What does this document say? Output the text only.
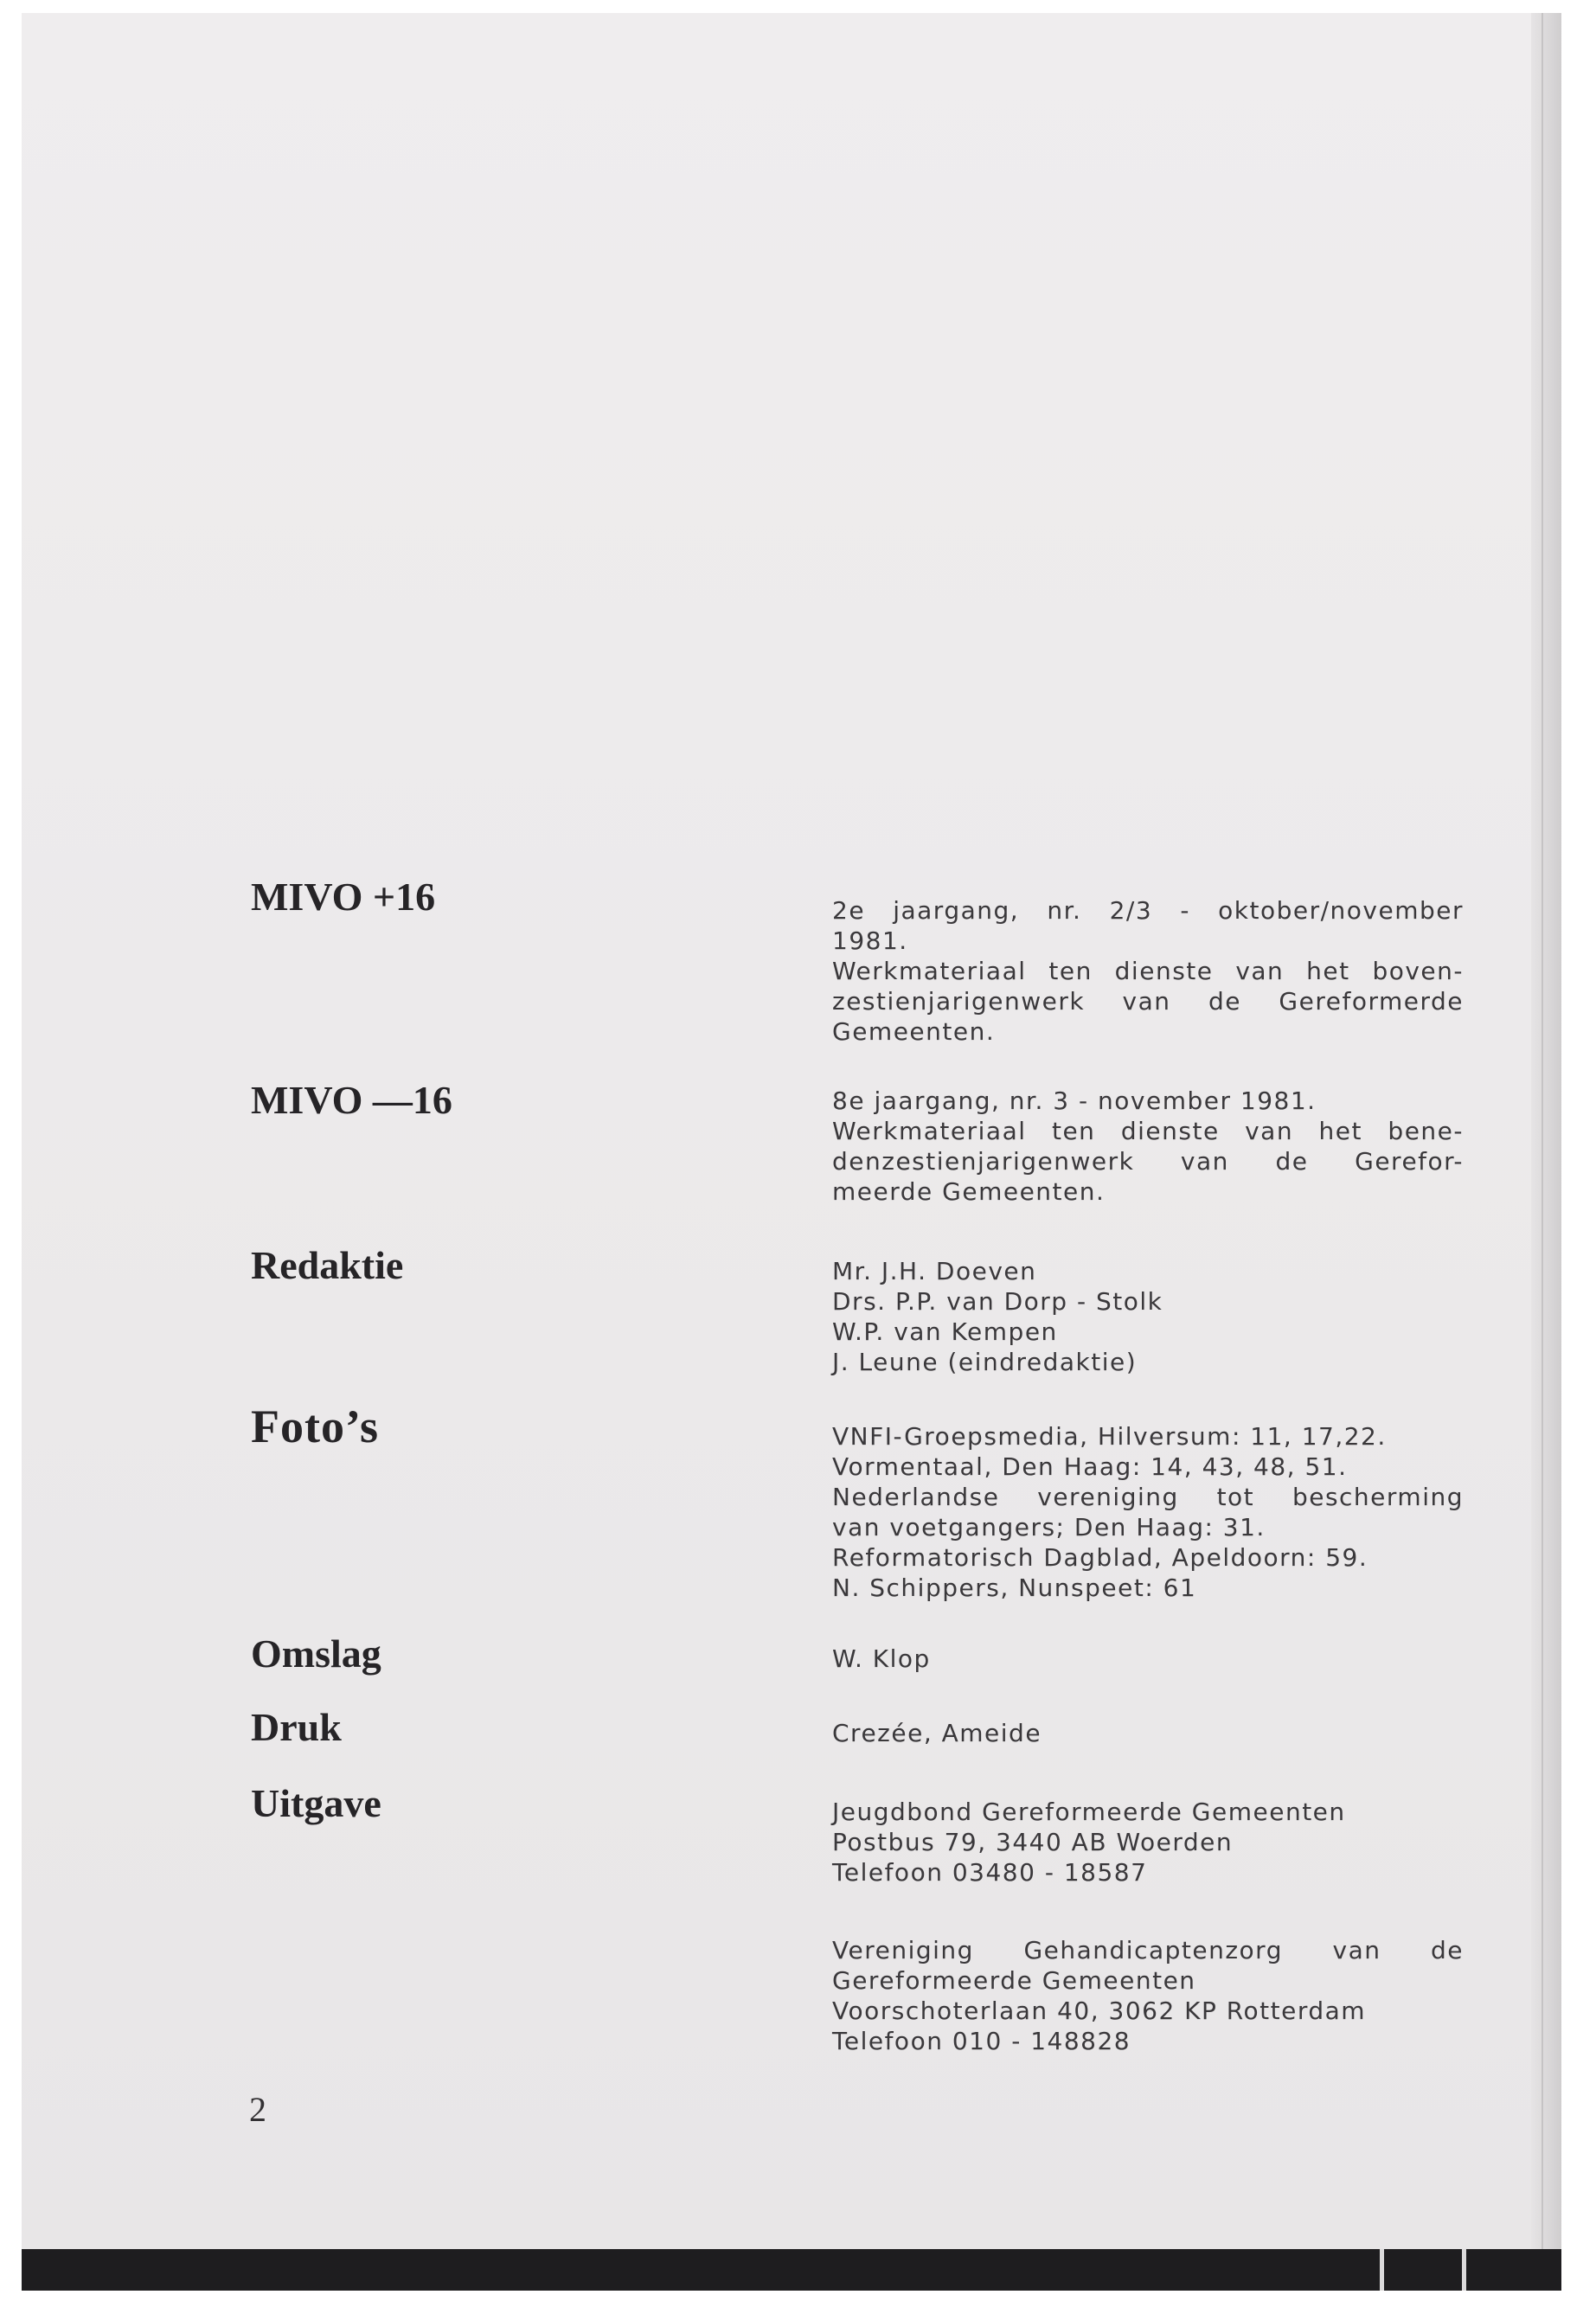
MIVO +16	2e jaargang, nr. 2/3 - oktober/november
1981.
Werkmateriaal ten dienste van het boven-
zestienjarigenwerk van de Gereformerde
Gemeenten.
MIVO —16	8e jaargang, nr. 3 - november 1981.
Werkmateriaal ten dienste van het bene-
denzestienjarigenwerk van de Gerefor-
meerde Gemeenten.
Redaktie	Mr. J.H. Doeven
Drs. P.P. van Dorp - Stolk
W.P. van Kempen
J. Leune (eindredaktie)
Foto’s	VNFI-Groepsmedia, Hilversum: 11, 17,22.
Vormentaal, Den Haag: 14, 43, 48, 51.
Nederlandse vereniging tot bescherming
van voetgangers; Den Haag: 31.
Reformatorisch Dagblad, Apeldoorn: 59.
N. Schippers, Nunspeet: 61
Omslag	W. Klop
Druk	Crezée, Ameide
Uitgave	Jeugdbond Gereformeerde Gemeenten
Postbus 79, 3440 AB Woerden
Telefoon 03480 - 18587
Vereniging Gehandicaptenzorg van de
Gereformeerde Gemeenten
Voorschoterlaan 40, 3062 KP Rotterdam
Telefoon 010 - 148828
2
